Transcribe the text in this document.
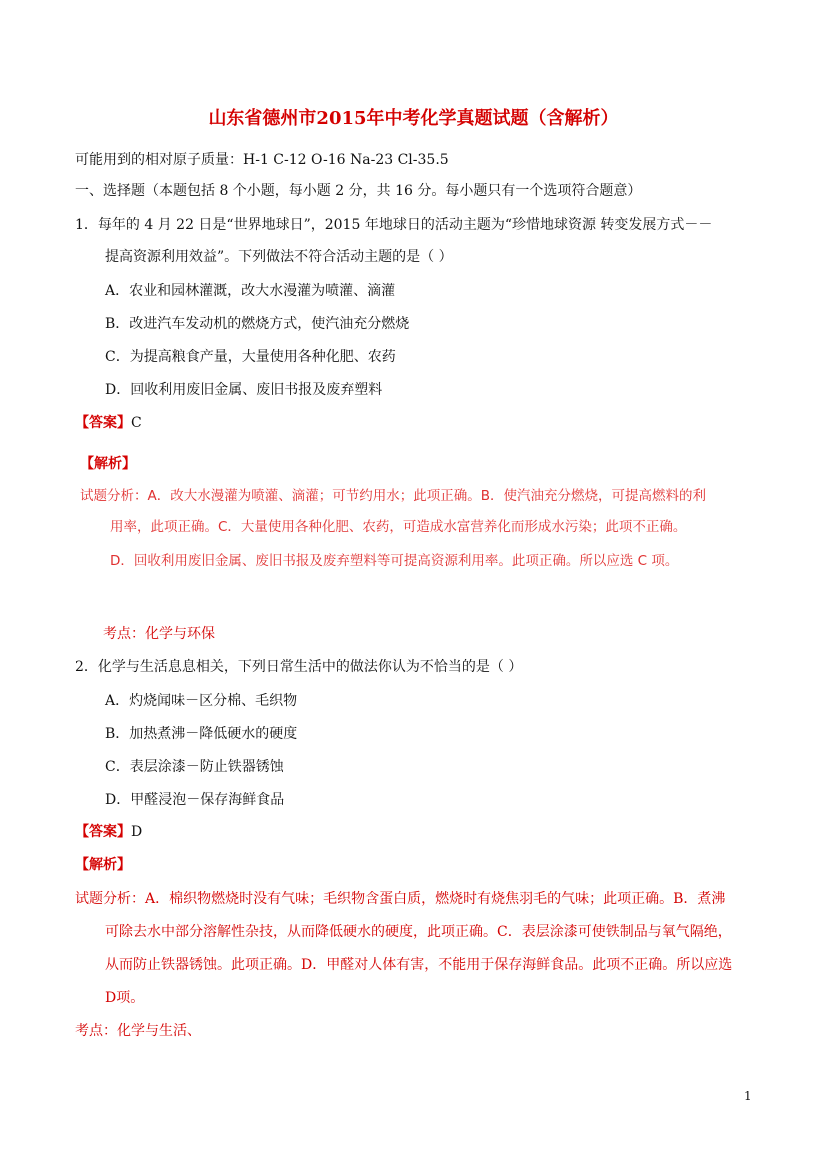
山东省德州市2015年中考化学真题试题（含解析）
可能用到的相对原子质量：H-1 C-12 O-16 Na-23 Cl-35.5
一、选择题（本题包括 8 个小题，每小题 2 分，共 16 分。每小题只有一个选项符合题意）
1．每年的 4 月 22 日是“世界地球日”，2015 年地球日的活动主题为“珍惜地球资源 转变发展方式－－
提高资源利用效益”。下列做法不符合活动主题的是（ ）
A．农业和园林灌溉，改大水漫灌为喷灌、滴灌
B．改进汽车发动机的燃烧方式，使汽油充分燃烧
C．为提高粮食产量，大量使用各种化肥、农药
D．回收利用废旧金属、废旧书报及废弃塑料
【答案】C
【解析】
试题分析：A．改大水漫灌为喷灌、滴灌；可节约用水；此项正确。B．使汽油充分燃烧，可提高燃料的利
用率，此项正确。C．大量使用各种化肥、农药，可造成水富营养化而形成水污染；此项不正确。
D．回收利用废旧金属、废旧书报及废弃塑料等可提高资源利用率。此项正确。所以应选 C 项。
考点：化学与环保
2．化学与生活息息相关，下列日常生活中的做法你认为不恰当的是（ ）
A．灼烧闻味－区分棉、毛织物
B．加热煮沸－降低硬水的硬度
C．表层涂漆－防止铁器锈蚀
D．甲醛浸泡－保存海鲜食品
【答案】D
【解析】
试题分析：A．棉织物燃烧时没有气味；毛织物含蛋白质，燃烧时有烧焦羽毛的气味；此项正确。B．煮沸
可除去水中部分溶解性杂技，从而降低硬水的硬度，此项正确。C．表层涂漆可使铁制品与氧气隔绝，
从而防止铁器锈蚀。此项正确。D．甲醛对人体有害，不能用于保存海鲜食品。此项不正确。所以应选
D项。
考点：化学与生活、
1
